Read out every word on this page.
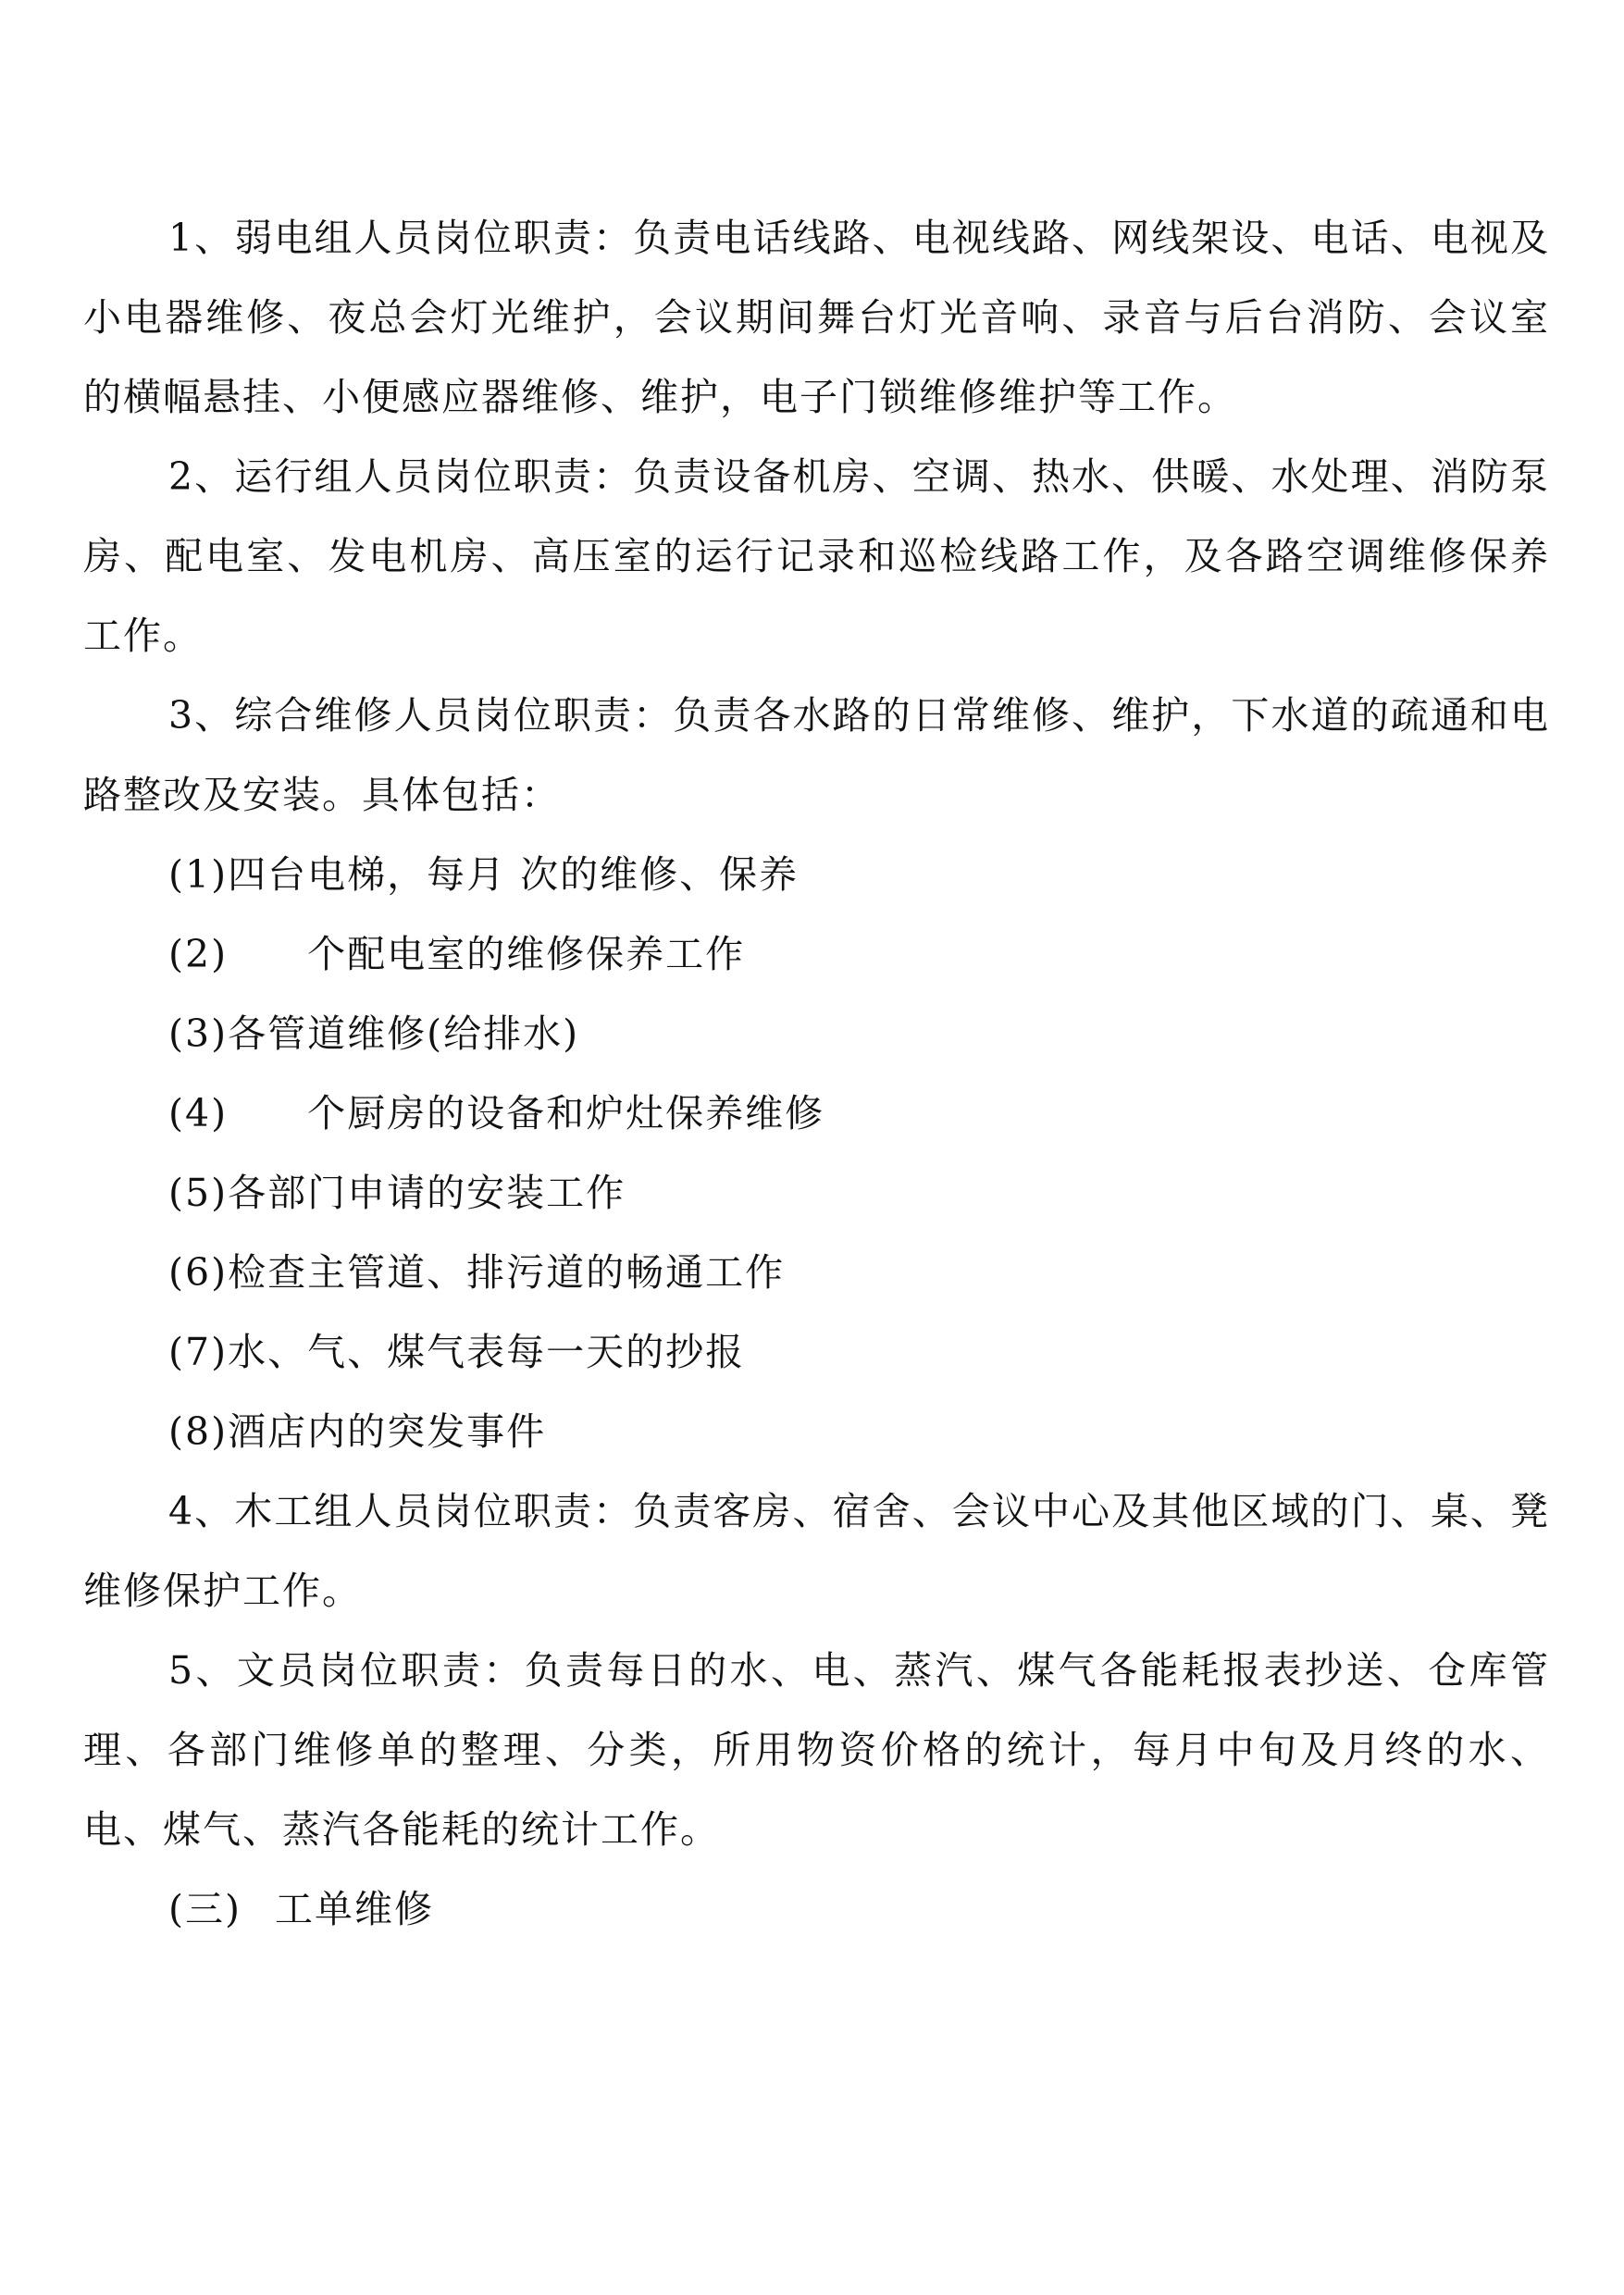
1、弱电组人员岗位职责：负责电话线路、电视线路、网线架设、电话、电视及小电器维修、夜总会灯光维护，会议期间舞台灯光音响、录音与后台消防、会议室的横幅悬挂、小便感应器维修、维护，电子门锁维修维护等工作。

2、运行组人员岗位职责：负责设备机房、空调、热水、供暖、水处理、消防泵房、配电室、发电机房、高压室的运行记录和巡检线路工作，及各路空调维修保养工作。

3、综合维修人员岗位职责：负责各水路的日常维修、维护，下水道的疏通和电路整改及安装。具体包括：

(1)四台电梯，每月 次的维修、保养

(2) 个配电室的维修保养工作

(3)各管道维修(给排水)

(4) 个厨房的设备和炉灶保养维修

(5)各部门申请的安装工作

(6)检查主管道、排污道的畅通工作

(7)水、气、煤气表每一天的抄报

(8)酒店内的突发事件

4、木工组人员岗位职责：负责客房、宿舍、会议中心及其他区域的门、桌、凳维修保护工作。

5、文员岗位职责：负责每日的水、电、蒸汽、煤气各能耗报表抄送、仓库管理、各部门维修单的整理、分类，所用物资价格的统计，每月中旬及月终的水、电、煤气、蒸汽各能耗的统计工作。

(三) 工单维修
